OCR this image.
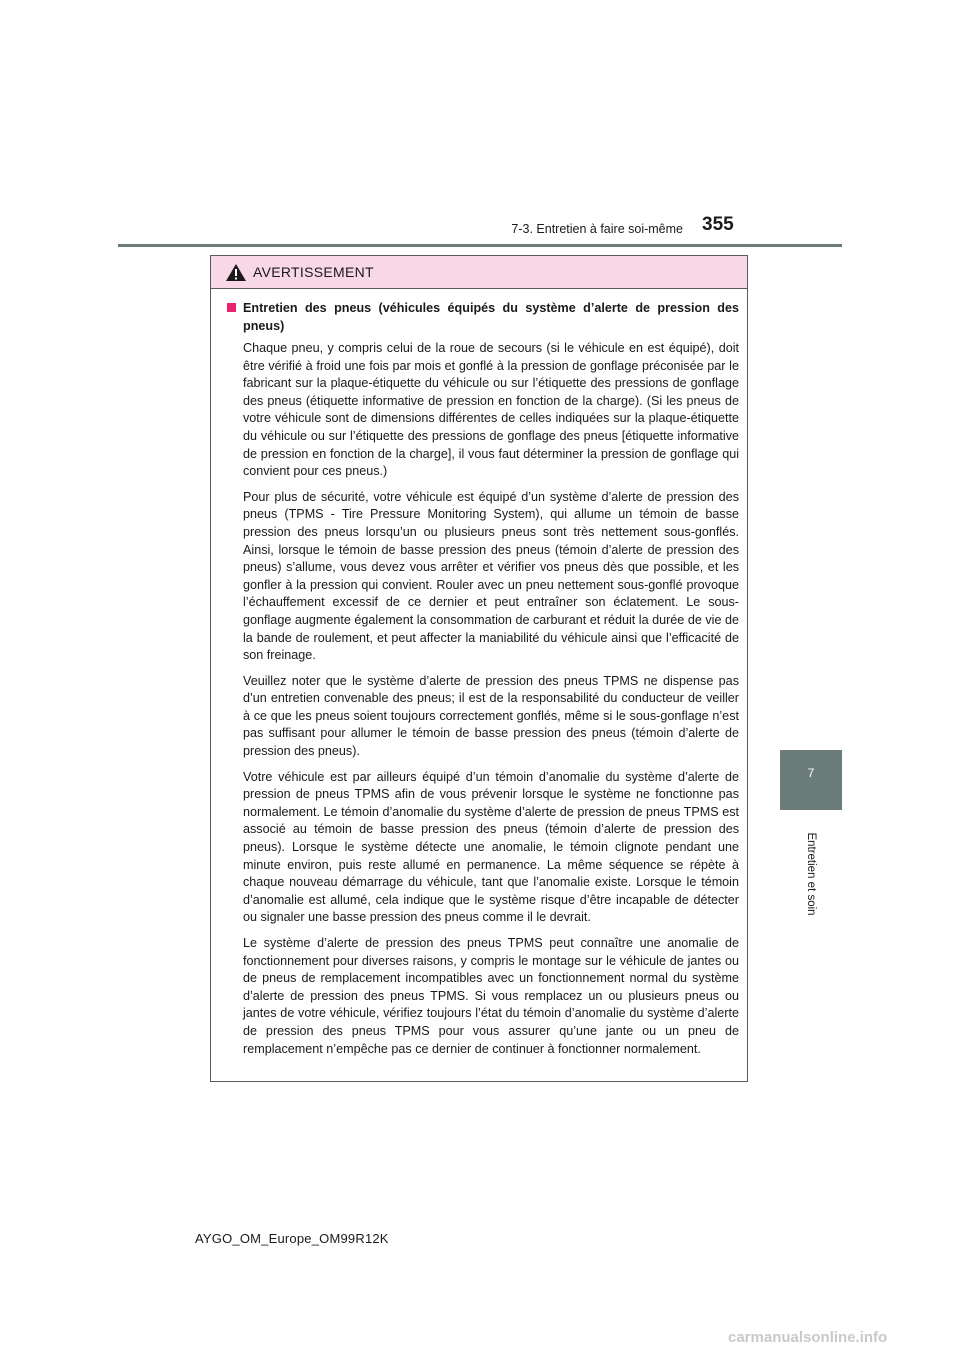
7-3. Entretien à faire soi-même 355
7
Entretien et soin
AVERTISSEMENT
Entretien des pneus (véhicules équipés du système d’alerte de pression des pneus)

Chaque pneu, y compris celui de la roue de secours (si le véhicule en est équipé), doit être vérifié à froid une fois par mois et gonflé à la pression de gonflage préconisée par le fabricant sur la plaque-étiquette du véhicule ou sur l’étiquette des pressions de gonflage des pneus (étiquette informative de pression en fonction de la charge). (Si les pneus de votre véhicule sont de dimensions différentes de celles indiquées sur la plaque-étiquette du véhicule ou sur l’étiquette des pressions de gonflage des pneus [étiquette informative de pression en fonction de la charge], il vous faut déterminer la pression de gonflage qui convient pour ces pneus.)

Pour plus de sécurité, votre véhicule est équipé d’un système d’alerte de pression des pneus (TPMS - Tire Pressure Monitoring System), qui allume un témoin de basse pression des pneus lorsqu’un ou plusieurs pneus sont très nettement sous-gonflés. Ainsi, lorsque le témoin de basse pression des pneus (témoin d’alerte de pression des pneus) s’allume, vous devez vous arrêter et vérifier vos pneus dès que possible, et les gonfler à la pression qui convient. Rouler avec un pneu nettement sous-gonflé provoque l’échauffement excessif de ce dernier et peut entraîner son éclatement. Le sous-gonflage augmente également la consommation de carburant et réduit la durée de vie de la bande de roulement, et peut affecter la maniabilité du véhicule ainsi que l’efficacité de son freinage.

Veuillez noter que le système d’alerte de pression des pneus TPMS ne dispense pas d’un entretien convenable des pneus; il est de la responsabilité du conducteur de veiller à ce que les pneus soient toujours correctement gonflés, même si le sous-gonflage n’est pas suffisant pour allumer le témoin de basse pression des pneus (témoin d’alerte de pression des pneus).

Votre véhicule est par ailleurs équipé d’un témoin d’anomalie du système d’alerte de pression de pneus TPMS afin de vous prévenir lorsque le système ne fonctionne pas normalement. Le témoin d’anomalie du système d’alerte de pression de pneus TPMS est associé au témoin de basse pression des pneus (témoin d’alerte de pression des pneus). Lorsque le système détecte une anomalie, le témoin clignote pendant une minute environ, puis reste allumé en permanence. La même séquence se répète à chaque nouveau démarrage du véhicule, tant que l’anomalie existe. Lorsque le témoin d’anomalie est allumé, cela indique que le système risque d’être incapable de détecter ou signaler une basse pression des pneus comme il le devrait.

Le système d’alerte de pression des pneus TPMS peut connaître une anomalie de fonctionnement pour diverses raisons, y compris le montage sur le véhicule de jantes ou de pneus de remplacement incompatibles avec un fonctionnement normal du système d’alerte de pression des pneus TPMS. Si vous remplacez un ou plusieurs pneus ou jantes de votre véhicule, vérifiez toujours l’état du témoin d’anomalie du système d’alerte de pression des pneus TPMS pour vous assurer qu’une jante ou un pneu de remplacement n’empêche pas ce dernier de continuer à fonctionner normalement.

AYGO_OM_Europe_OM99R12K
carmanualsonline.info
